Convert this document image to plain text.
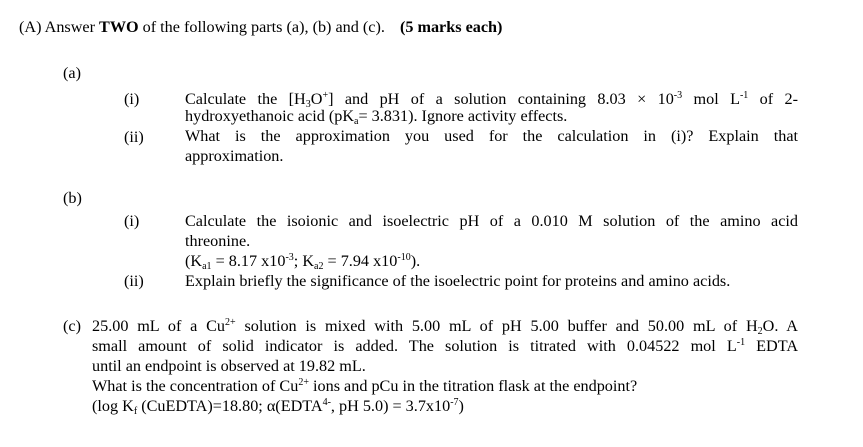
(A) Answer TWO of the following parts (a), (b) and (c). (5 marks each)
(a)
(i)	Calculate the $[H_3O^+]$ and pH of a solution containing $8.03 \times 10^{-3}$ mol $L^{-1}$ of 2-
hydroxyethanoic acid $(pK_a= 3.831)$. Ignore activity effects.
(ii)	What is the approximation you used for the calculation in (i)? Explain that
approximation.
(b)
(i)	Calculate the isoionic and isoelectric pH of a 0.010 M solution of the amino acid
threonine.
($K_{a1} = 8.17$ $x10^{-3}$; $K_{a2} = 7.94$ $x10^{-10}$).
(ii)	Explain briefly the significance of the isoelectric point for proteins and amino acids.
(c) 25.00 mL of a $Cu^{2+}$ solution is mixed with 5.00 mL of pH 5.00 buffer and 50.00 mL of $H_2O$. A
small amount of solid indicator is added. The solution is titrated with 0.04522 mol $L^{-1}$ EDTA
until an endpoint is observed at 19.82 mL.
What is the concentration of $Cu^{2+}$ ions and pCu in the titration flask at the endpoint?
(log $K_f$ (CuEDTA)=18.80; $\alpha(EDTA^{4-}$, pH $5.0) = 3.7x10^{-7}$)
